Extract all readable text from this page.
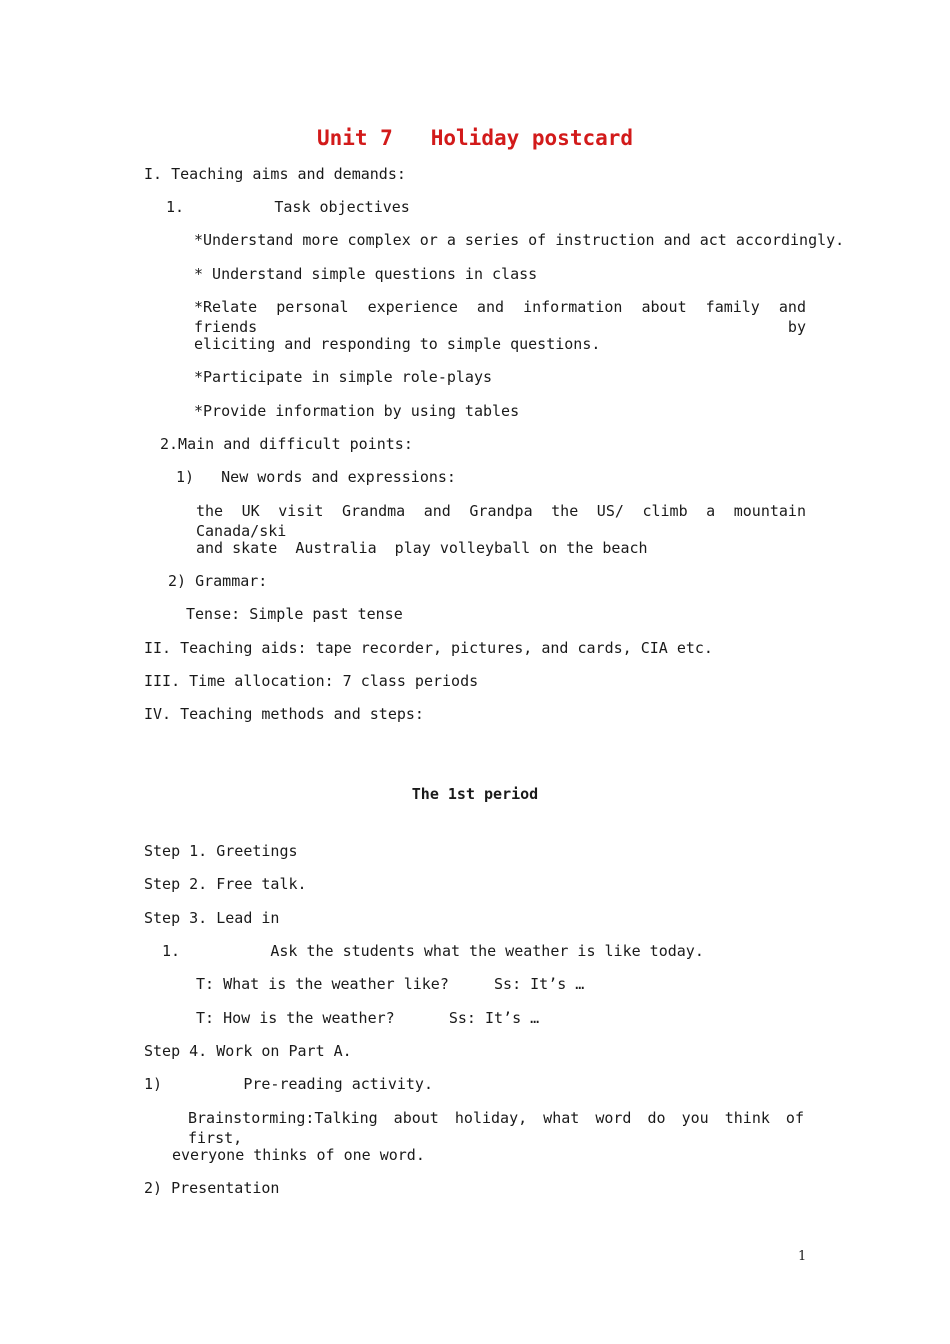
Unit 7   Holiday postcard
I. Teaching aims and demands:
1.          Task objectives
*Understand more complex or a series of instruction and act accordingly.
* Understand simple questions in class
*Relate personal experience and information about family and friends by
eliciting and responding to simple questions.
*Participate in simple role-plays
*Provide information by using tables
2.Main and difficult points:
1)   New words and expressions:
the UK visit Grandma and Grandpa the US/ climb a mountain Canada/ski
and skate  Australia  play volleyball on the beach
2) Grammar:
Tense: Simple past tense
II. Teaching aids: tape recorder, pictures, and cards, CIA etc.
III. Time allocation: 7 class periods
IV. Teaching methods and steps:
The 1st period
Step 1. Greetings
Step 2. Free talk.
Step 3. Lead in
1.          Ask the students what the weather is like today.
T: What is the weather like?     Ss: It’s …
T: How is the weather?      Ss: It’s …
Step 4. Work on Part A.
1)         Pre-reading activity.
Brainstorming:Talking about holiday, what word do you think of first,
everyone thinks of one word.
2) Presentation
1
